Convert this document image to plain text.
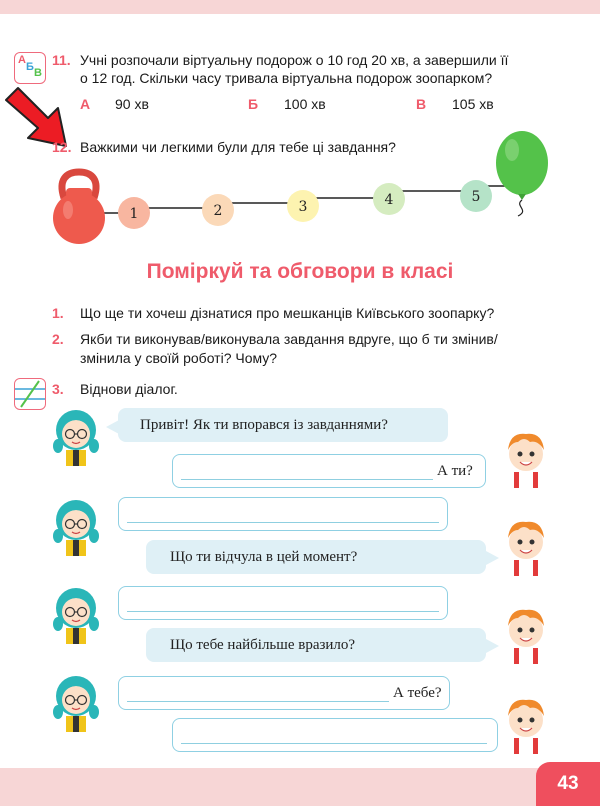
А
Б В
11. Учні розпочали віртуальну подорож о 10 год 20 хв, а завершили її
о 12 год. Скільки часу тривала віртуальна подорож зоопарком?
А 90 хв	Б 100 хв	В 105 хв
12. Важкими чи легкими були для тебе ці завдання?
1	2	3	4	5
Поміркуй та обговори в класі
1. Що ще ти хочеш дізнатися про мешканців Київського зоопарку?
2. Якби ти виконував/виконувала завдання вдруге, що б ти змінив/
змінила у своїй роботі? Чому?
3. Віднови діалог.
Привіт! Як ти впорався із завданнями?
А ти?
Що ти відчула в цей момент?
Що тебе найбільше вразило?
А тебе?
43
